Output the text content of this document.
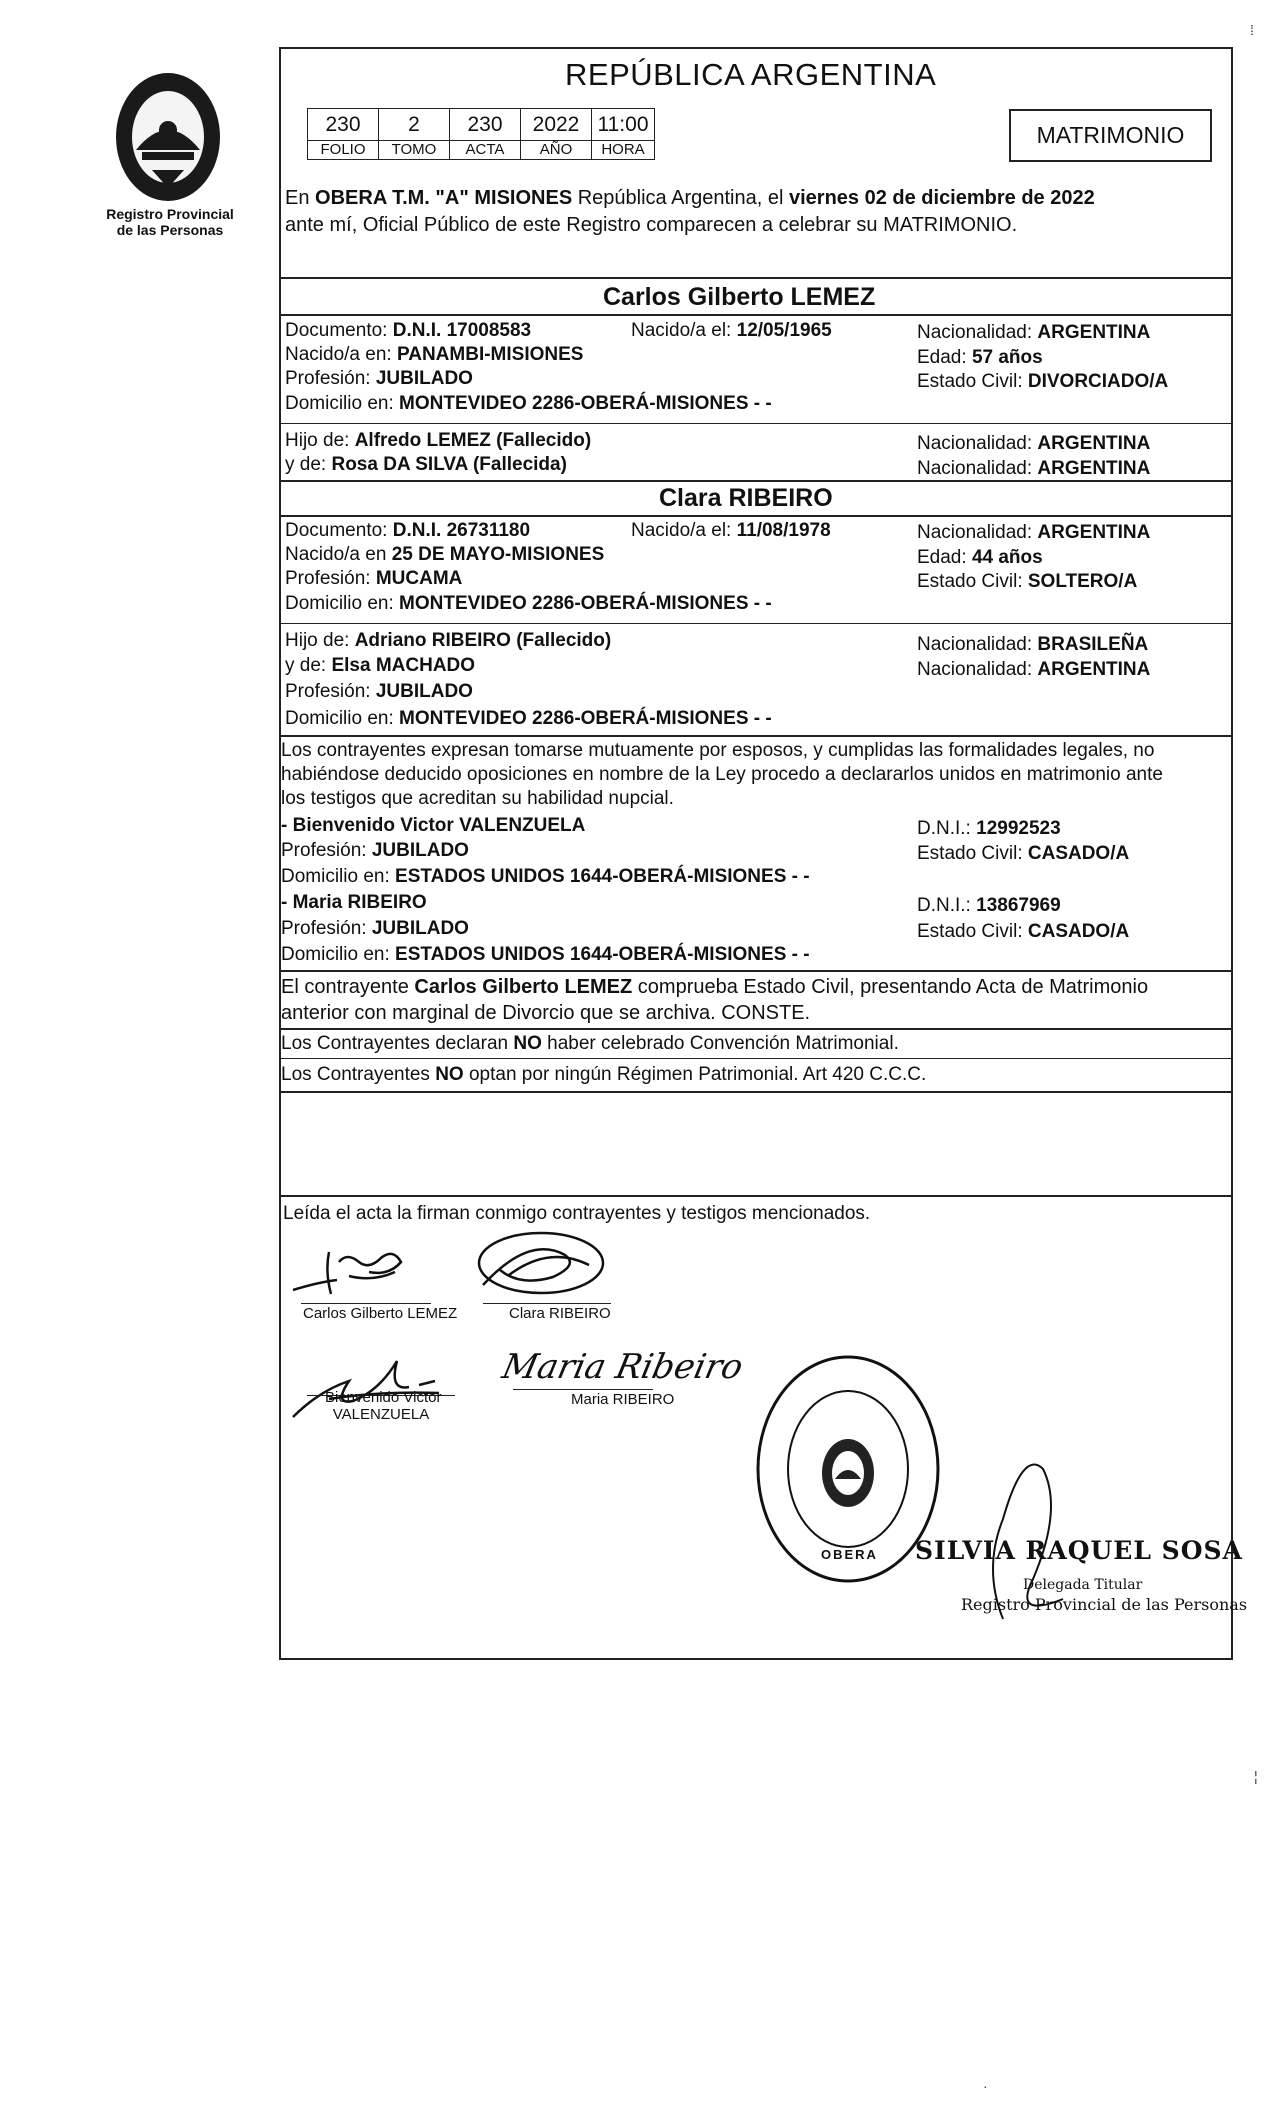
Registro Provincial
de las Personas
⁞
REPÚBLICA ARGENTINA
230	2	230	2022	11:00
FOLIO	TOMO	ACTA	AÑO	HORA
MATRIMONIO
En OBERA T.M. "A" MISIONES República Argentina, el viernes 02 de diciembre de 2022
ante mí, Oficial Público de este Registro comparecen a celebrar su MATRIMONIO.
Carlos Gilberto LEMEZ
Documento: D.N.I. 17008583	Nacido/a el: 12/05/1965	Nacionalidad: ARGENTINA
Nacido/a en: PANAMBI-MISIONES	Edad: 57 años
Profesión: JUBILADO	Estado Civil: DIVORCIADO/A
Domicilio en: MONTEVIDEO 2286-OBERÁ-MISIONES - -
Hijo de: Alfredo LEMEZ (Fallecido)	Nacionalidad: ARGENTINA
y de: Rosa DA SILVA (Fallecida)	Nacionalidad: ARGENTINA
Clara RIBEIRO
Documento: D.N.I. 26731180	Nacido/a el: 11/08/1978	Nacionalidad: ARGENTINA
Nacido/a en 25 DE MAYO-MISIONES	Edad: 44 años
Profesión: MUCAMA	Estado Civil: SOLTERO/A
Domicilio en: MONTEVIDEO 2286-OBERÁ-MISIONES - -
Hijo de: Adriano RIBEIRO (Fallecido)	Nacionalidad: BRASILEÑA
y de: Elsa MACHADO	Nacionalidad: ARGENTINA
Profesión: JUBILADO
Domicilio en: MONTEVIDEO 2286-OBERÁ-MISIONES - -
Los contrayentes expresan tomarse mutuamente por esposos, y cumplidas las formalidades legales, no
habiéndose deducido oposiciones en nombre de la Ley procedo a declararlos unidos en matrimonio ante
los testigos que acreditan su habilidad nupcial.
- Bienvenido Victor VALENZUELA	D.N.I.: 12992523
Profesión: JUBILADO	Estado Civil: CASADO/A
Domicilio en: ESTADOS UNIDOS 1644-OBERÁ-MISIONES - -
- Maria RIBEIRO	D.N.I.: 13867969
Profesión: JUBILADO	Estado Civil: CASADO/A
Domicilio en: ESTADOS UNIDOS 1644-OBERÁ-MISIONES - -
El contrayente Carlos Gilberto LEMEZ comprueba Estado Civil, presentando Acta de Matrimonio
anterior con marginal de Divorcio que se archiva. CONSTE.
Los Contrayentes declaran NO haber celebrado Convención Matrimonial.
Los Contrayentes NO optan por ningún Régimen Patrimonial. Art 420 C.C.C.
Leída el acta la firman conmigo contrayentes y testigos mencionados.
Carlos Gilberto LEMEZ	Clara RIBEIRO
Bienvenido Victor
VALENZUELA
Maria Ribeiro
Maria RIBEIRO
OBERA SILVIA RAQUEL SOSA
Delegada Titular
Registro Provincial de las Personas
¦
·
